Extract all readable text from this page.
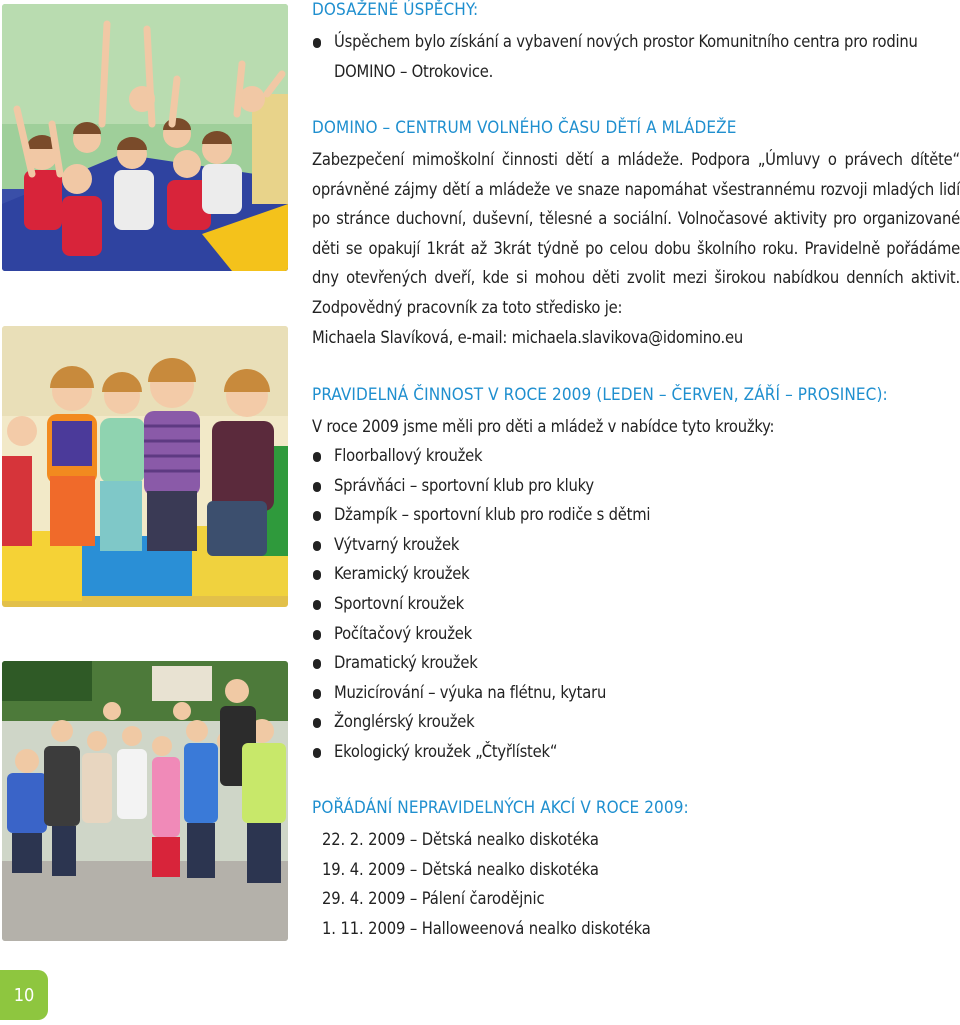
DOSAŽENÉ ÚSPĚCHY:
Úspěchem bylo získání a vybavení nových prostor Komunitního centra pro rodinu DOMINO – Otrokovice.
DOMINO – CENTRUM VOLNÉHO ČASU DĚTÍ A MLÁDEŽE
Zabezpečení mimoškolní činnosti dětí a mládeže. Podpora „Úmluvy o právech dítěte“ oprávněné zájmy dětí a mládeže ve snaze napomáhat všestrannému rozvoji mladých lidí po stránce duchovní, duševní, tělesné a sociální. Volnočasové aktivity pro organizované děti se opakují 1krát až 3krát týdně po celou dobu školního roku. Pravidelně pořádáme dny otevřených dveří, kde si mohou děti zvolit mezi širokou nabídkou denních aktivit. Zodpovědný pracovník za toto středisko je:
Michaela Slavíková, e-mail: michaela.slavikova@idomino.eu
PRAVIDELNÁ ČINNOST V ROCE 2009 (LEDEN – ČERVEN, ZÁŘÍ – PROSINEC):
V roce 2009 jsme měli pro děti a mládež v nabídce tyto kroužky:
Floorballový kroužek
Správňáci – sportovní klub pro kluky
Džampík – sportovní klub pro rodiče s dětmi
Výtvarný kroužek
Keramický kroužek
Sportovní kroužek
Počítačový kroužek
Dramatický kroužek
Muzicírování – výuka na flétnu, kytaru
Žonglérský kroužek
Ekologický kroužek „Čtyřlístek“
POŘÁDÁNÍ NEPRAVIDELNÝCH AKCÍ V ROCE 2009:
22. 2. 2009 – Dětská nealko diskotéka
19. 4. 2009 – Dětská nealko diskotéka
29. 4. 2009 – Pálení čarodějnic
1. 11. 2009 – Halloweenová nealko diskotéka
10
